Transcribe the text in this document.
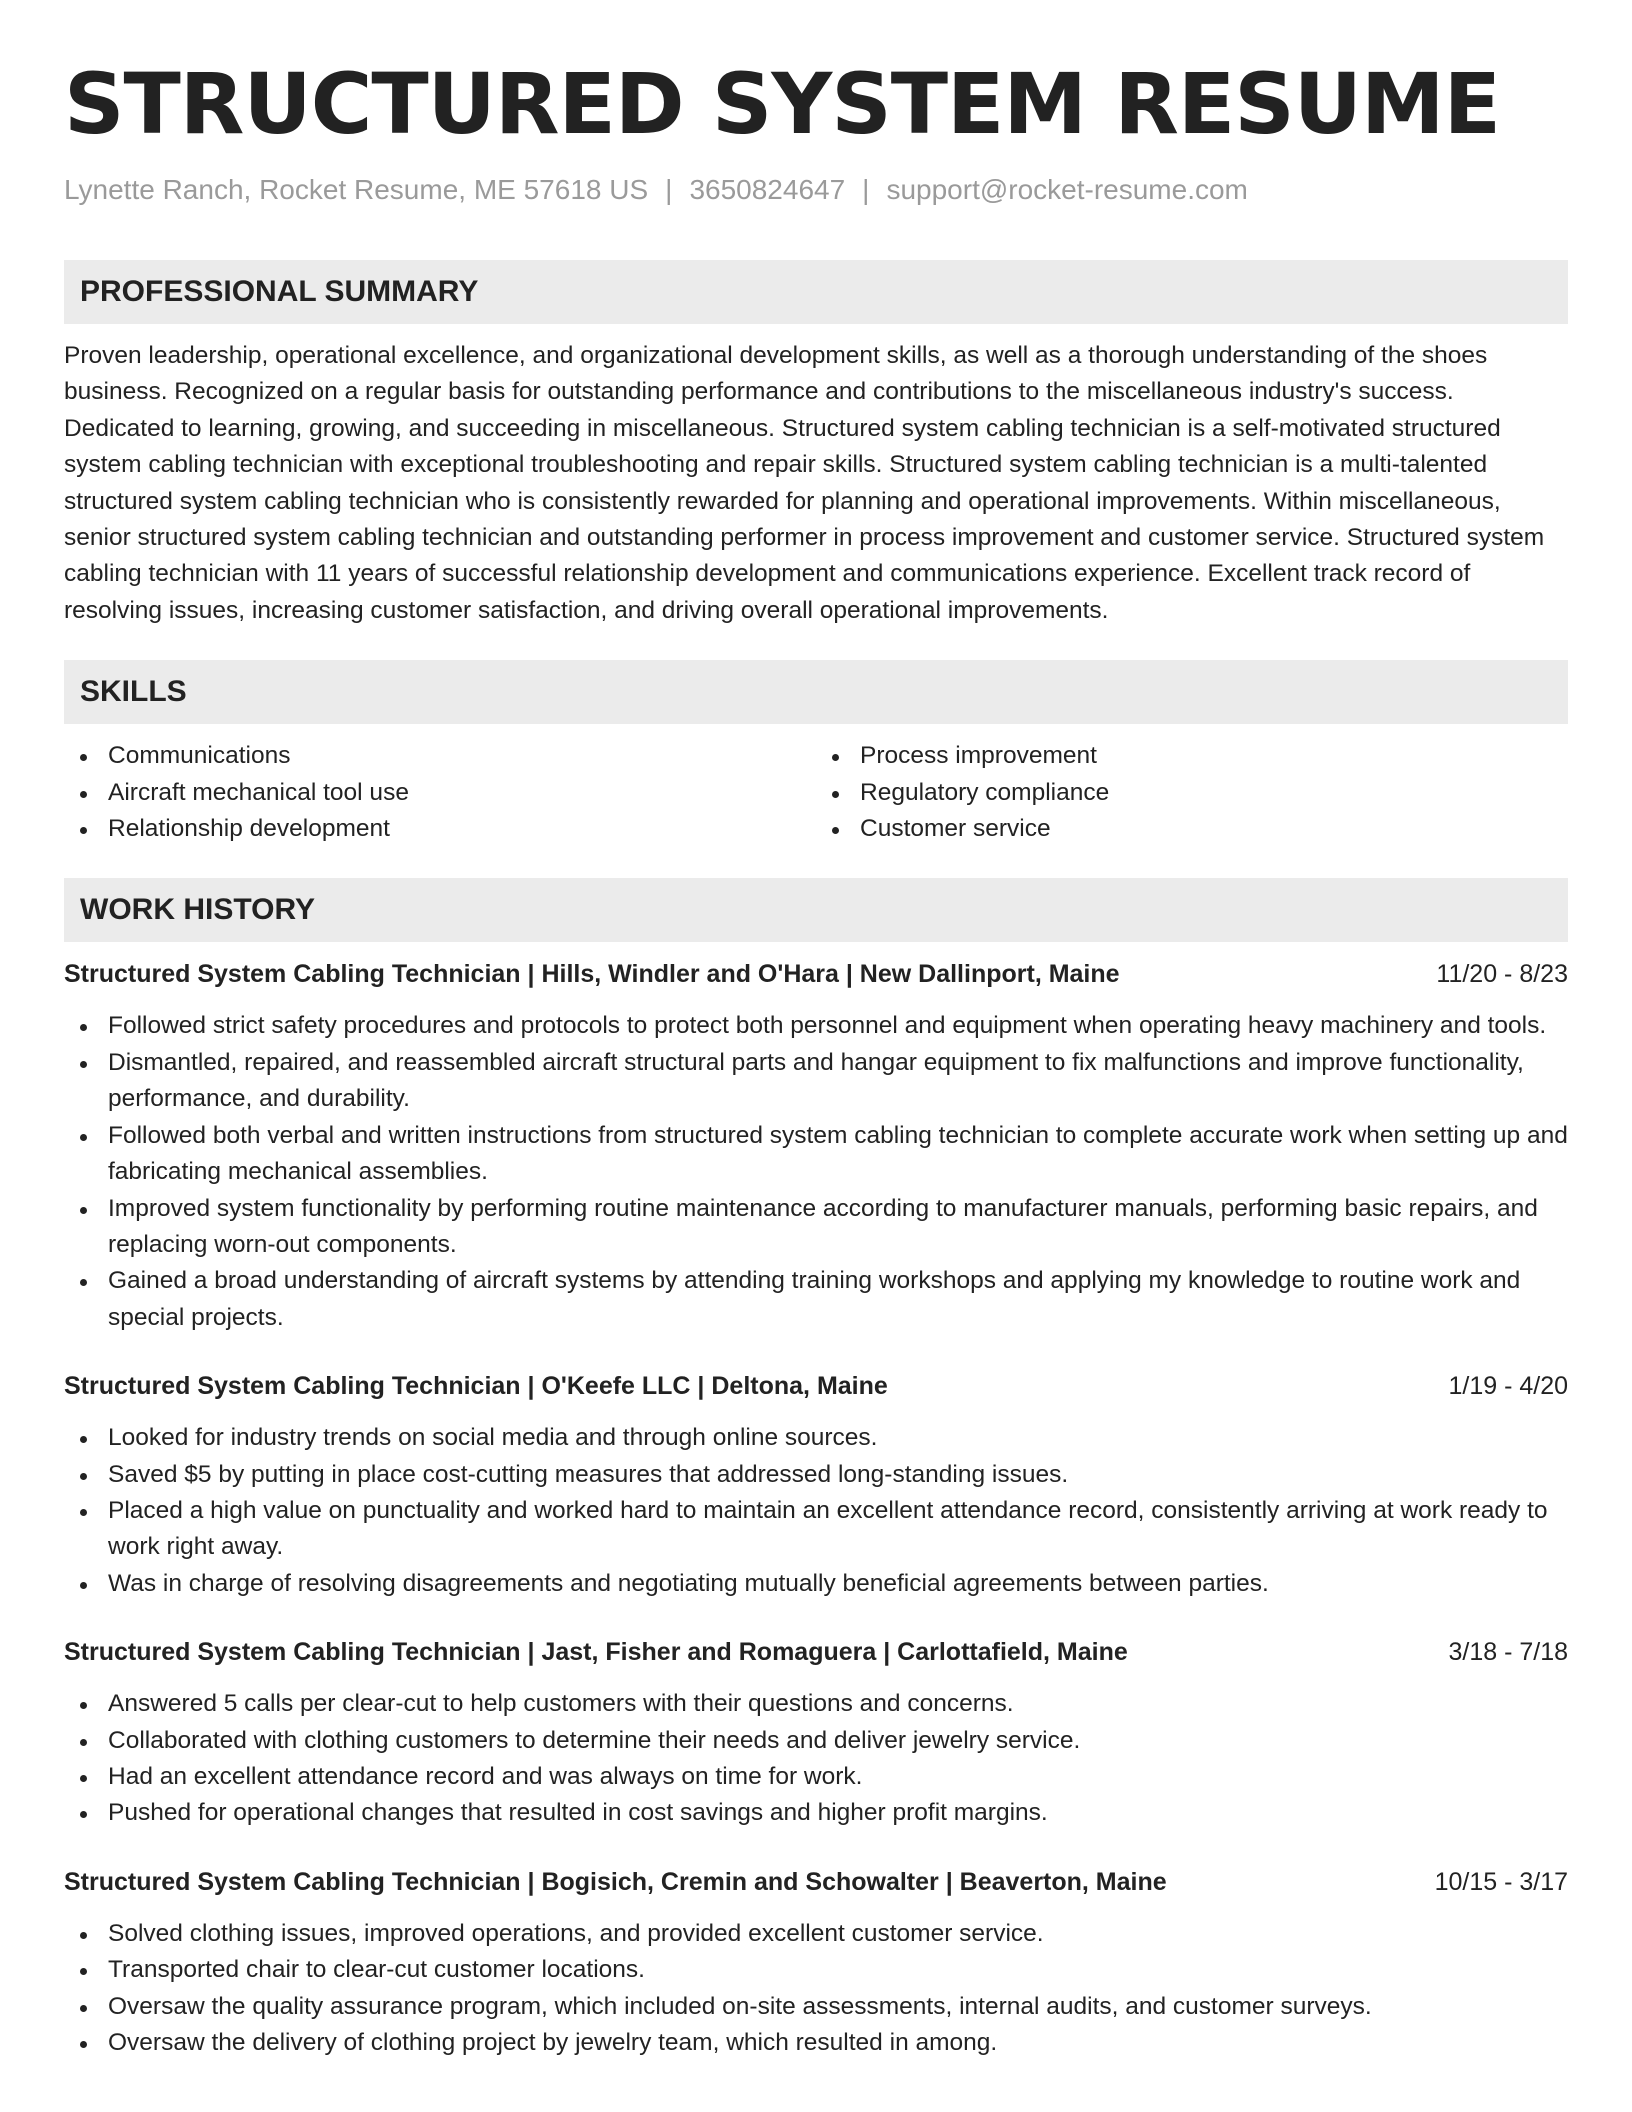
STRUCTURED SYSTEM RESUME
Lynette Ranch, Rocket Resume, ME 57618 US | 3650824647 | support@rocket-resume.com
PROFESSIONAL SUMMARY
Proven leadership, operational excellence, and organizational development skills, as well as a thorough understanding of the shoes business. Recognized on a regular basis for outstanding performance and contributions to the miscellaneous industry's success. Dedicated to learning, growing, and succeeding in miscellaneous. Structured system cabling technician is a self-motivated structured system cabling technician with exceptional troubleshooting and repair skills. Structured system cabling technician is a multi-talented structured system cabling technician who is consistently rewarded for planning and operational improvements. Within miscellaneous, senior structured system cabling technician and outstanding performer in process improvement and customer service. Structured system cabling technician with 11 years of successful relationship development and communications experience. Excellent track record of resolving issues, increasing customer satisfaction, and driving overall operational improvements.
SKILLS
Communications
Aircraft mechanical tool use
Relationship development
Process improvement
Regulatory compliance
Customer service
WORK HISTORY
Structured System Cabling Technician | Hills, Windler and O'Hara | New Dallinport, Maine	11/20 - 8/23
Followed strict safety procedures and protocols to protect both personnel and equipment when operating heavy machinery and tools.
Dismantled, repaired, and reassembled aircraft structural parts and hangar equipment to fix malfunctions and improve functionality, performance, and durability.
Followed both verbal and written instructions from structured system cabling technician to complete accurate work when setting up and fabricating mechanical assemblies.
Improved system functionality by performing routine maintenance according to manufacturer manuals, performing basic repairs, and replacing worn-out components.
Gained a broad understanding of aircraft systems by attending training workshops and applying my knowledge to routine work and special projects.
Structured System Cabling Technician | O'Keefe LLC | Deltona, Maine	1/19 - 4/20
Looked for industry trends on social media and through online sources.
Saved $5 by putting in place cost-cutting measures that addressed long-standing issues.
Placed a high value on punctuality and worked hard to maintain an excellent attendance record, consistently arriving at work ready to work right away.
Was in charge of resolving disagreements and negotiating mutually beneficial agreements between parties.
Structured System Cabling Technician | Jast, Fisher and Romaguera | Carlottafield, Maine	3/18 - 7/18
Answered 5 calls per clear-cut to help customers with their questions and concerns.
Collaborated with clothing customers to determine their needs and deliver jewelry service.
Had an excellent attendance record and was always on time for work.
Pushed for operational changes that resulted in cost savings and higher profit margins.
Structured System Cabling Technician | Bogisich, Cremin and Schowalter | Beaverton, Maine	10/15 - 3/17
Solved clothing issues, improved operations, and provided excellent customer service.
Transported chair to clear-cut customer locations.
Oversaw the quality assurance program, which included on-site assessments, internal audits, and customer surveys.
Oversaw the delivery of clothing project by jewelry team, which resulted in among.
